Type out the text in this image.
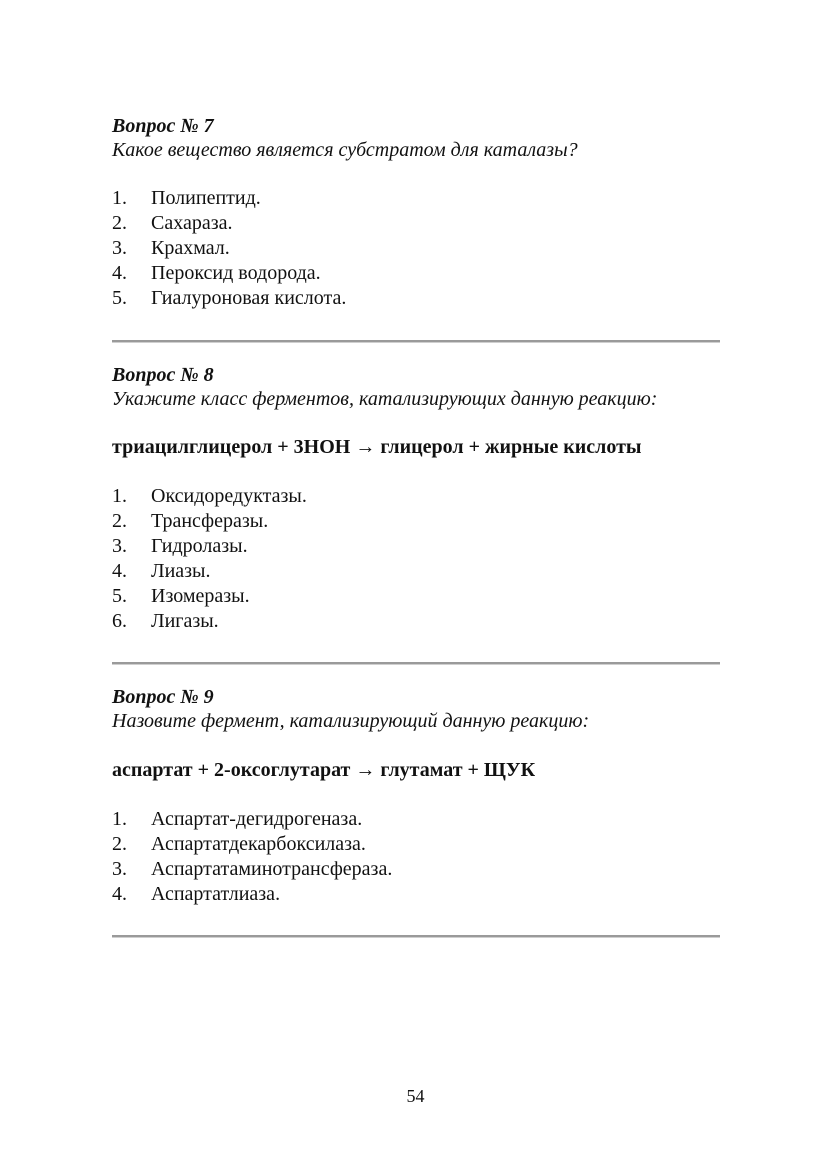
Вопрос № 7
Какое вещество является субстратом для каталазы?
1. Полипептид.
2. Сахараза.
3. Крахмал.
4. Пероксид водорода.
5. Гиалуроновая кислота.
Вопрос № 8
Укажите класс ферментов, катализирующих данную реакцию:
триацилглицерол + 3НОН → глицерол + жирные кислоты
1. Оксидоредуктазы.
2. Трансферазы.
3. Гидролазы.
4. Лиазы.
5. Изомеразы.
6. Лигазы.
Вопрос № 9
Назовите фермент, катализирующий данную реакцию:
аспартат + 2-оксоглутарат → глутамат + ЩУК
1. Аспартат-дегидрогеназа.
2. Аспартатдекарбоксилаза.
3. Аспартатаминотрансфераза.
4. Аспартатлиаза.
54
